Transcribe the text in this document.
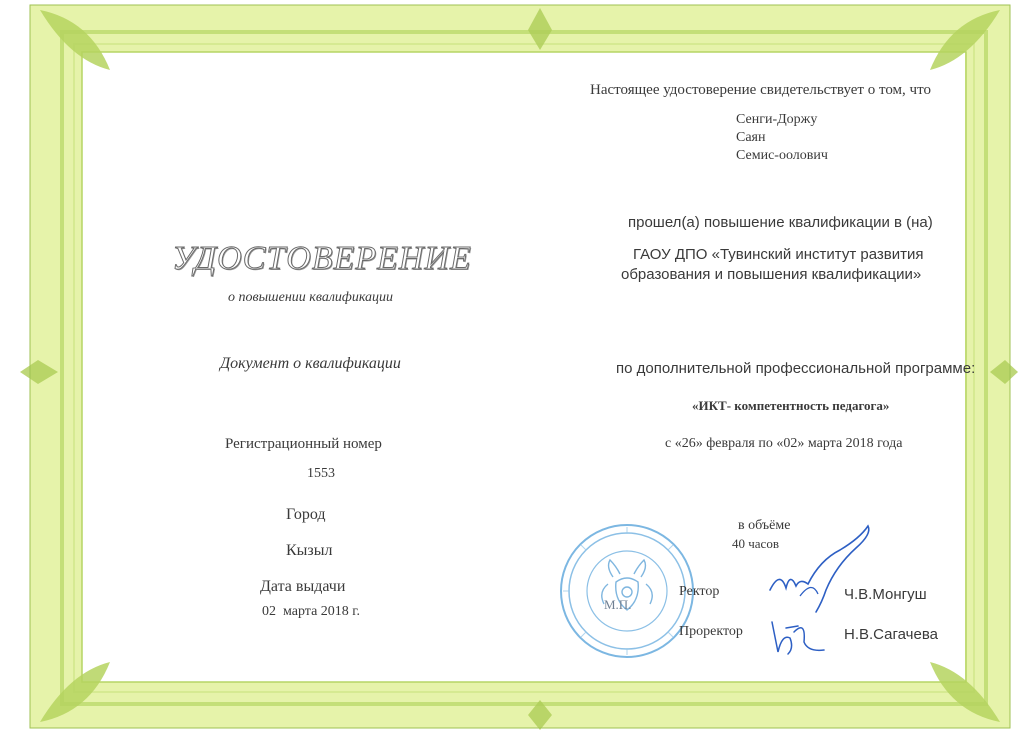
УДОСТОВЕРЕНИЕ
о повышении квалификации
Документ о квалификации
Регистрационный номер
1553
Город
Кызыл
Дата выдачи
02  марта 2018 г.
Настоящее удостоверение свидетельствует о том, что
Сенги-Доржу
Саян
Семис-оолович
прошел(а) повышение квалификации в (на)
ГАОУ ДПО «Тувинский институт развития
образования и повышения квалификации»
по дополнительной профессиональной программе:
«ИКТ- компетентность педагога»
с «26» февраля по «02» марта 2018 года
в объёме
40 часов
М.П.
Ректор	Ч.В.Монгуш
Проректор	Н.В.Сагачева
